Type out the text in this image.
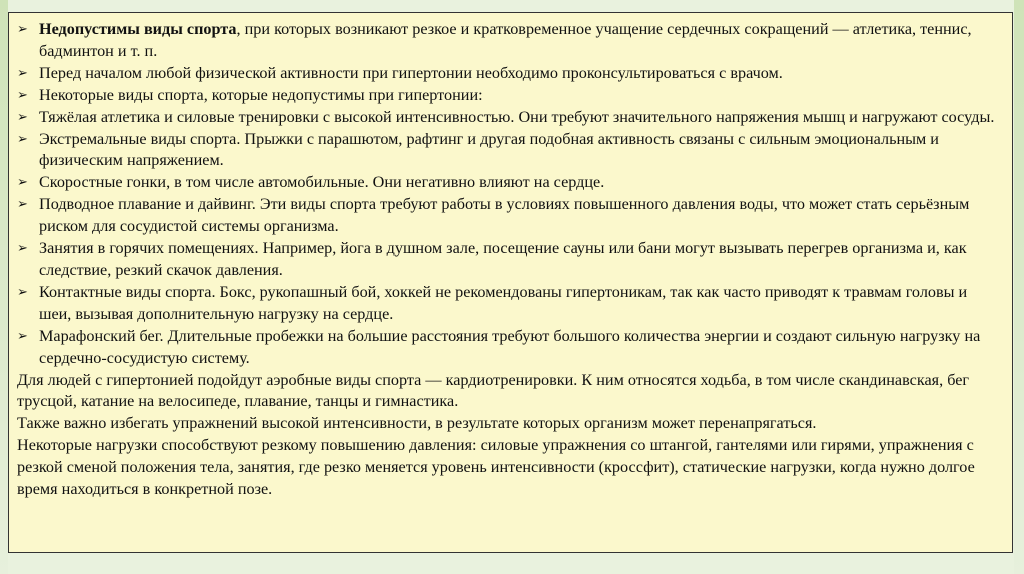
➢ Недопустимы виды спорта, при которых возникают резкое и кратковременное учащение сердечных сокращений — атлетика, теннис, бадминтон и т. п.
➢ Перед началом любой физической активности при гипертонии необходимо проконсультироваться с врачом.
➢ Некоторые виды спорта, которые недопустимы при гипертонии:
➢ Тяжёлая атлетика и силовые тренировки с высокой интенсивностью. Они требуют значительного напряжения мышц и нагружают сосуды.
➢ Экстремальные виды спорта. Прыжки с парашютом, рафтинг и другая подобная активность связаны с сильным эмоциональным и физическим напряжением.
➢ Скоростные гонки, в том числе автомобильные. Они негативно влияют на сердце.
➢ Подводное плавание и дайвинг. Эти виды спорта требуют работы в условиях повышенного давления воды, что может стать серьёзным риском для сосудистой системы организма.
➢ Занятия в горячих помещениях. Например, йога в душном зале, посещение сауны или бани могут вызывать перегрев организма и, как следствие, резкий скачок давления.
➢ Контактные виды спорта. Бокс, рукопашный бой, хоккей не рекомендованы гипертоникам, так как часто приводят к травмам головы и шеи, вызывая дополнительную нагрузку на сердце.
➢ Марафонский бег. Длительные пробежки на большие расстояния требуют большого количества энергии и создают сильную нагрузку на сердечно-сосудистую систему.

Для людей с гипертонией подойдут аэробные виды спорта — кардиотренировки. К ним относятся ходьба, в том числе скандинавская, бег трусцой, катание на велосипеде, плавание, танцы и гимнастика.

Также важно избегать упражнений высокой интенсивности, в результате которых организм может перенапрягаться.

Некоторые нагрузки способствуют резкому повышению давления: силовые упражнения со штангой, гантелями или гирями, упражнения с резкой сменой положения тела, занятия, где резко меняется уровень интенсивности (кроссфит), статические нагрузки, когда нужно долгое время находиться в конкретной позе.
